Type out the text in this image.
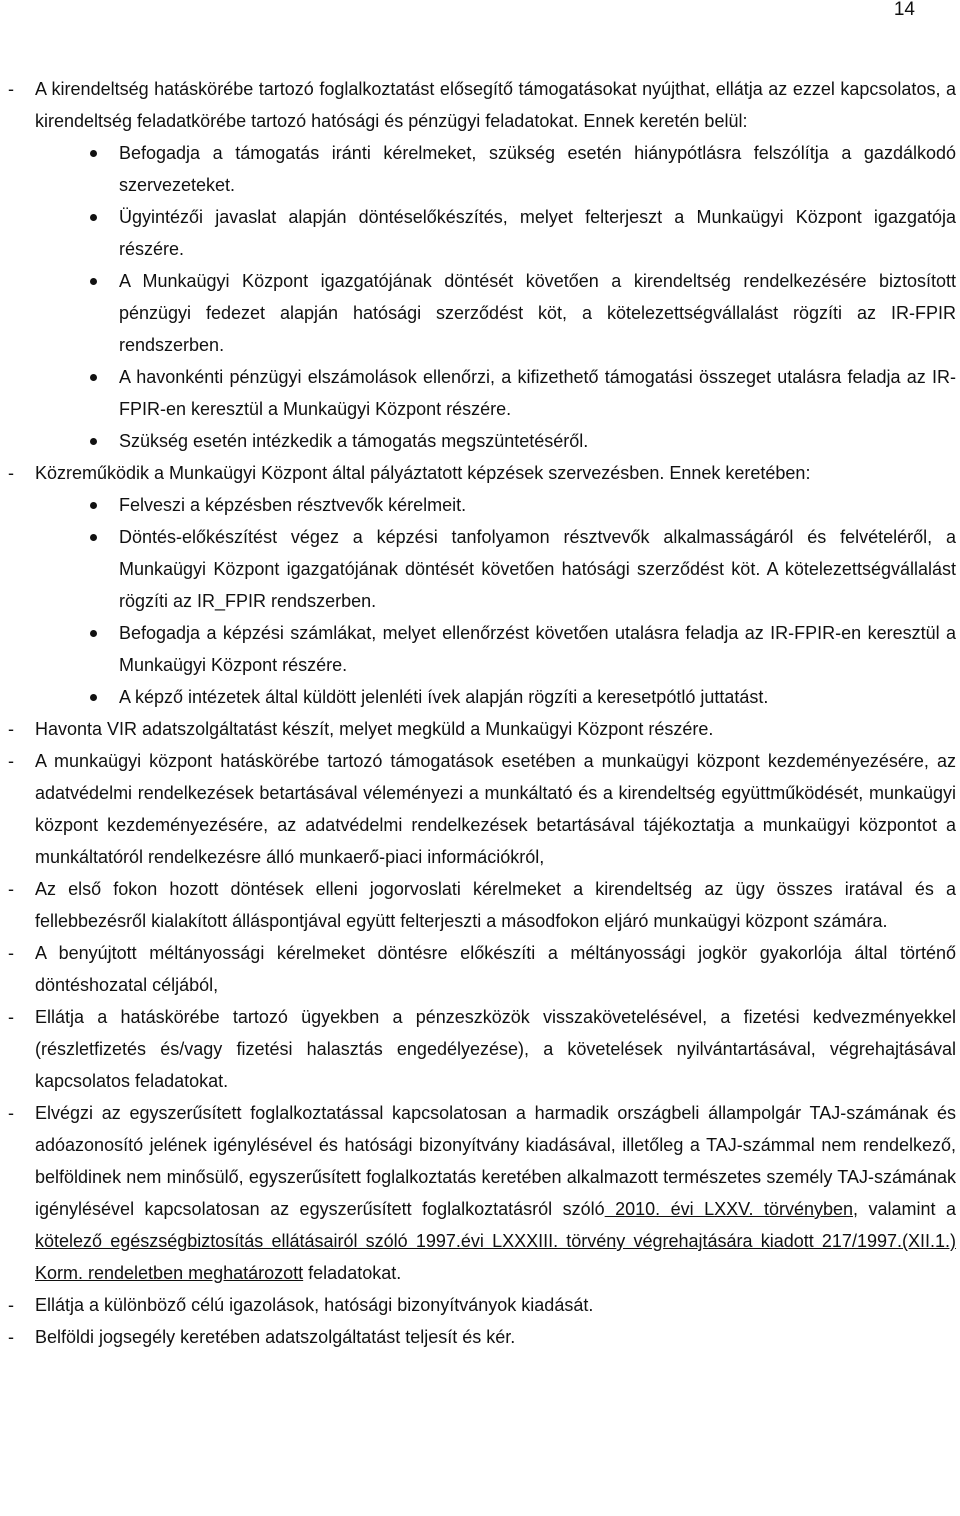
14
- A kirendeltség hatáskörébe tartozó foglalkoztatást elősegítő támogatásokat nyújthat, ellátja az ezzel kapcsolatos, a kirendeltség feladatkörébe tartozó hatósági és pénzügyi feladatokat. Ennek keretén belül:
Befogadja a támogatás iránti kérelmeket, szükség esetén hiánypótlásra felszólítja a gazdálkodó szervezeteket.
Ügyintézői javaslat alapján döntéselőkészítés, melyet felterjeszt a Munkaügyi Központ igazgatója részére.
A Munkaügyi Központ igazgatójának döntését követően a kirendeltség rendelkezésére biztosított pénzügyi fedezet alapján hatósági szerződést köt, a kötelezettségvállalást rögzíti az IR-FPIR rendszerben.
A havonkénti pénzügyi elszámolások ellenőrzi, a kifizethető támogatási összeget utalásra feladja az IR-FPIR-en keresztül a Munkaügyi Központ részére.
Szükség esetén intézkedik a támogatás megszüntetéséről.
- Közreműködik a Munkaügyi Központ által pályáztatott képzések szervezésben. Ennek keretében:
Felveszi a képzésben résztvevők kérelmeit.
Döntés-előkészítést végez a képzési tanfolyamon résztvevők alkalmasságáról és felvételéről, a Munkaügyi Központ igazgatójának döntését követően hatósági szerződést köt. A kötelezettségvállalást rögzíti az IR_FPIR rendszerben.
Befogadja a képzési számlákat, melyet ellenőrzést követően utalásra feladja az IR-FPIR-en keresztül a Munkaügyi Központ részére.
A képző intézetek által küldött jelenléti ívek alapján rögzíti a keresetpótló juttatást.
- Havonta VIR adatszolgáltatást készít, melyet megküld a Munkaügyi Központ részére.
- A munkaügyi központ hatáskörébe tartozó támogatások esetében a munkaügyi központ kezdeményezésére, az adatvédelmi rendelkezések betartásával véleményezi a munkáltató és a kirendeltség együttműködését, munkaügyi központ kezdeményezésére, az adatvédelmi rendelkezések betartásával tájékoztatja a munkaügyi központot a munkáltatóról rendelkezésre álló munkaerő-piaci információkról,
- Az első fokon hozott döntések elleni jogorvoslati kérelmeket a kirendeltség az ügy összes iratával és a fellebbezésről kialakított álláspontjával együtt felterjeszti a másodfokon eljáró munkaügyi központ számára.
- A benyújtott méltányossági kérelmeket döntésre előkészíti a méltányossági jogkör gyakorlója által történő döntéshozatal céljából,
- Ellátja a hatáskörébe tartozó ügyekben a pénzeszközök visszakövetelésével, a fizetési kedvezményekkel (részletfizetés és/vagy fizetési halasztás engedélyezése), a követelések nyilvántartásával, végrehajtásával kapcsolatos feladatokat.
- Elvégzi az egyszerűsített foglalkoztatással kapcsolatosan a harmadik országbeli állampolgár TAJ-számának és adóazonosító jelének igénylésével és hatósági bizonyítvány kiadásával, illetőleg a TAJ-számmal nem rendelkező, belföldinek nem minősülő, egyszerűsített foglalkoztatás keretében alkalmazott természetes személy TAJ-számának igénylésével kapcsolatosan az egyszerűsített foglalkoztatásról szóló 2010. évi LXXV. törvényben, valamint a kötelező egészségbiztosítás ellátásairól szóló 1997.évi LXXXIII. törvény végrehajtására kiadott 217/1997.(XII.1.) Korm. rendeletben meghatározott feladatokat.
- Ellátja a különböző célú igazolások, hatósági bizonyítványok kiadását.
- Belföldi jogsegély keretében adatszolgáltatást teljesít és kér.
